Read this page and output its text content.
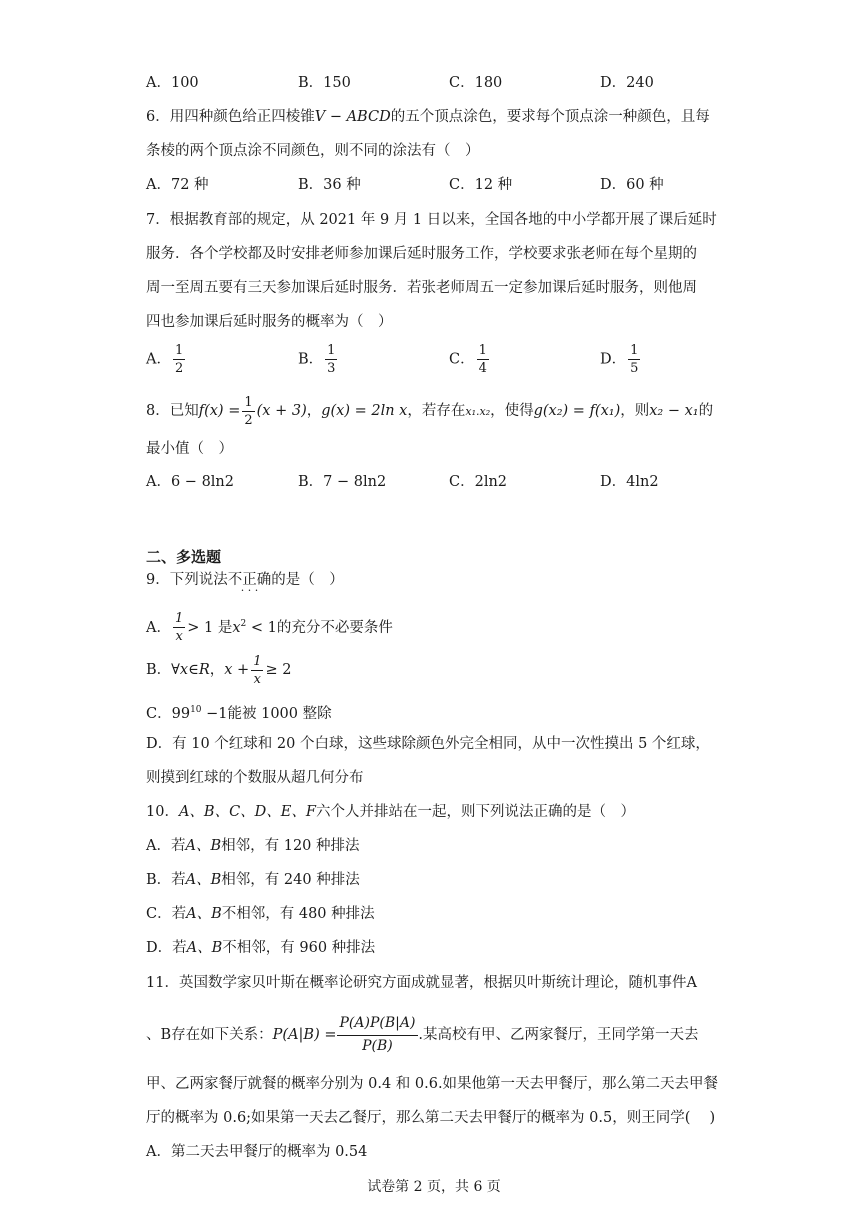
A．100	B．150	C．180	D．240
6．用四种颜色给正四棱锥V − ABCD的五个顶点涂色，要求每个顶点涂一种颜色，且每
条棱的两个顶点涂不同颜色，则不同的涂法有（　）
A．72 种	B．36 种	C．12 种	D．60 种
7．根据教育部的规定，从 2021 年 9 月 1 日以来，全国各地的中小学都开展了课后延时
服务．各个学校都及时安排老师参加课后延时服务工作，学校要求张老师在每个星期的
周一至周五要有三天参加课后延时服务．若张老师周五一定参加课后延时服务，则他周
四也参加课后延时服务的概率为（　）
A． $\frac{1}{2}$	B． $\frac{1}{3}$	C． $\frac{1}{4}$	D． $\frac{1}{5}$
8．已知$f(x) = \frac{1}{2} (x + 3)$，g(x) = 2ln x，若存在x₁.x₂，使得g(x₂) = f(x₁)，则x₂ − x₁的
最小值（　）
A．6 − 8ln2	B．7 − 8ln2	C．2ln2	D．4ln2
二、多选题
9．下列说法不正确 · · ·的是（　）
A． $\frac{1}{x} > 1$ 是$x^2 < 1$的充分不必要条件
B．∀x∈R，$x + \frac{1}{x} \ge 2$
C．$99^{10} -1$能被 1000 整除
D．有 10 个红球和 20 个白球，这些球除颜色外完全相同，从中一次性摸出 5 个红球，
则摸到红球的个数服从超几何分布
10．A、B、C、D、E、F六个人并排站在一起，则下列说法正确的是（　）
A．若A、B相邻，有 120 种排法
B．若A、B相邻，有 240 种排法
C．若A、B不相邻，有 480 种排法
D．若A、B不相邻，有 960 种排法
11．英国数学家贝叶斯在概率论研究方面成就显著，根据贝叶斯统计理论，随机事件A
、B存在如下关系：$P(A|B) = \frac{P(A)P(B|A)}{P(B)}$ .某高校有甲、乙两家餐厅，王同学第一天去
甲、乙两家餐厅就餐的概率分别为 0.4 和 0.6.如果他第一天去甲餐厅，那么第二天去甲餐
厅的概率为 0.6;如果第一天去乙餐厅，那么第二天去甲餐厅的概率为 0.5，则王同学(　 )
A．第二天去甲餐厅的概率为 0.54
试卷第 2 页，共 6 页
